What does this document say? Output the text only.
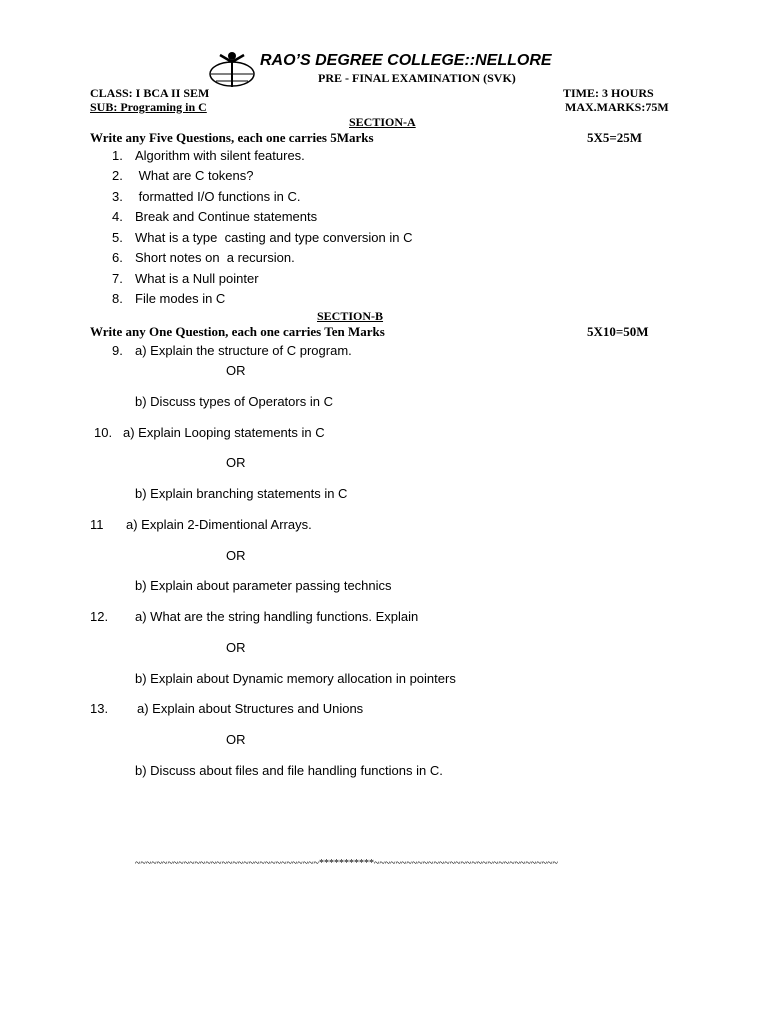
RAO’S DEGREE COLLEGE::NELLORE
PRE - FINAL EXAMINATION (SVK)
CLASS: I BCA II SEM	TIME: 3 HOURS
SUB: Programing in C	MAX.MARKS:75M
SECTION-A
Write any Five Questions, each one carries 5Marks	5X5=25M
1. Algorithm with silent features.
2. What are C tokens?
3. formatted I/O functions in C.
4. Break and Continue statements
5. What is a type  casting and type conversion in C
6. Short notes on  a recursion.
7. What is a Null pointer
8. File modes in C
SECTION-B
Write any One Question, each one carries Ten Marks	5X10=50M
9. a) Explain the structure of C program.
OR
b) Discuss types of Operators in C
10. a) Explain Looping statements in C
OR
b) Explain branching statements in C
11 a) Explain 2-Dimentional Arrays.
OR
b) Explain about parameter passing technics
12. a) What are the string handling functions. Explain
OR
b) Explain about Dynamic memory allocation in pointers
13. a) Explain about Structures and Unions
OR
b) Discuss about files and file handling functions in C.
~~~~~~~~~~~~~~~~~~~~~~~~~~~~~~~~~~***********~~~~~~~~~~~~~~~~~~~~~~~~~~~~~~~~~~
